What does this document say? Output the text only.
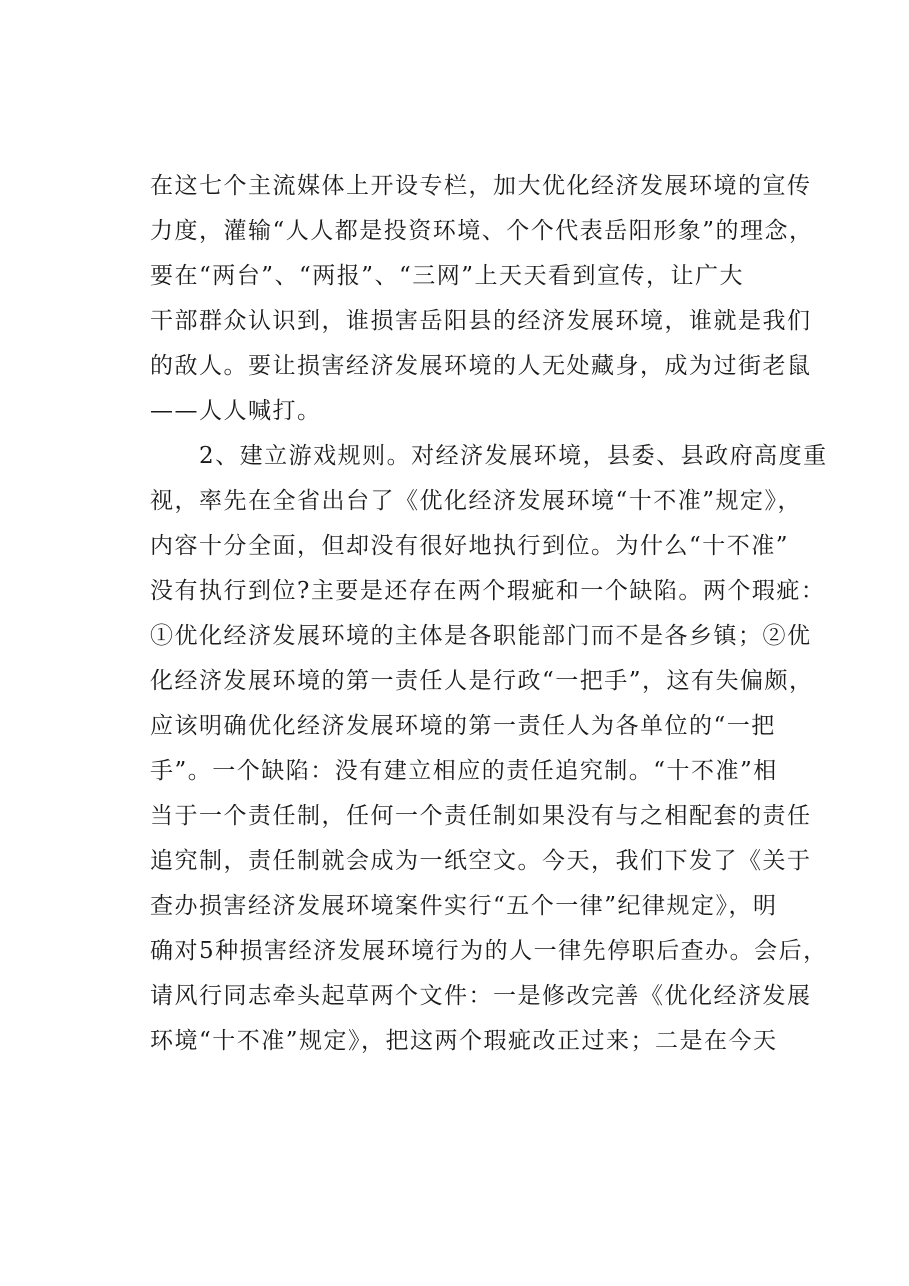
在这七个主流媒体上开设专栏，加大优化经济发展环境的宣传
力度，灌输“人人都是投资环境、个个代表岳阳形象”的理念，
要在“两台”、“两报”、“三网”上天天看到宣传，让广大
干部群众认识到，谁损害岳阳县的经济发展环境，谁就是我们
的敌人。要让损害经济发展环境的人无处藏身，成为过街老鼠
——人人喊打。
　　2、建立游戏规则。对经济发展环境，县委、县政府高度重
视，率先在全省出台了《优化经济发展环境“十不准”规定》，
内容十分全面，但却没有很好地执行到位。为什么“十不准”
没有执行到位?主要是还存在两个瑕疵和一个缺陷。两个瑕疵：
①优化经济发展环境的主体是各职能部门而不是各乡镇；②优
化经济发展环境的第一责任人是行政“一把手”，这有失偏颇，
应该明确优化经济发展环境的第一责任人为各单位的“一把
手”。一个缺陷：没有建立相应的责任追究制。“十不准”相
当于一个责任制，任何一个责任制如果没有与之相配套的责任
追究制，责任制就会成为一纸空文。今天，我们下发了《关于
查办损害经济发展环境案件实行“五个一律”纪律规定》，明
确对5种损害经济发展环境行为的人一律先停职后查办。会后，
请风行同志牵头起草两个文件：一是修改完善《优化经济发展
环境“十不准”规定》，把这两个瑕疵改正过来；二是在今天
